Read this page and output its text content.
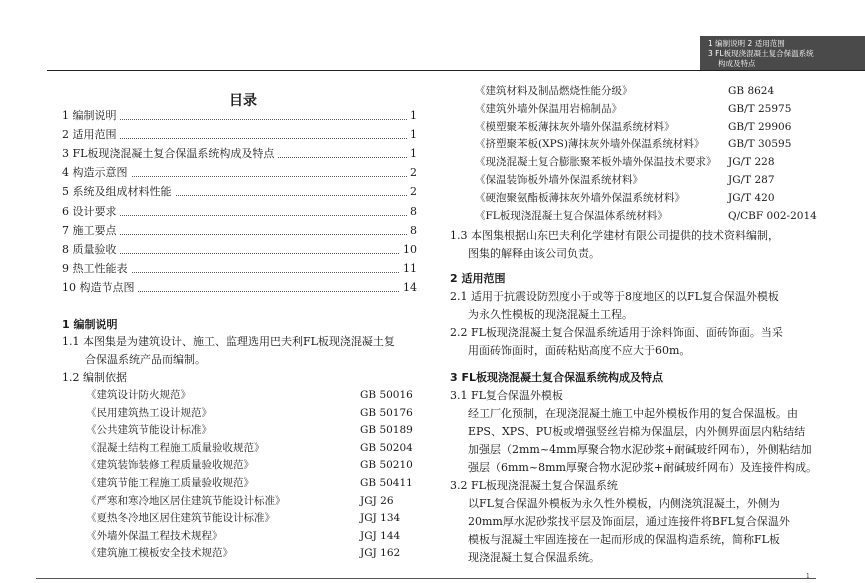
1 编制说明 2 适用范围
3 FL板现浇混凝土复合保温系统
构成及特点
目录
1 编制说明	1
2 适用范围	1
3 FL板现浇混凝土复合保温系统构成及特点	1
4 构造示意图	2
5 系统及组成材料性能	2
6 设计要求	8
7 施工要点	8
8 质量验收	10
9 热工性能表	11
10 构造节点图	14
1 编制说明
1.1 本图集是为建筑设计、施工、监理选用巴夫利FL板现浇混凝土复
合保温系统产品而编制。
1.2 编制依据
《建筑设计防火规范》	GB 50016
《民用建筑热工设计规范》	GB 50176
《公共建筑节能设计标准》	GB 50189
《混凝土结构工程施工质量验收规范》	GB 50204
《建筑装饰装修工程质量验收规范》	GB 50210
《建筑节能工程施工质量验收规范》	GB 50411
《严寒和寒冷地区居住建筑节能设计标准》	JGJ 26
《夏热冬冷地区居住建筑节能设计标准》	JGJ 134
《外墙外保温工程技术规程》	JGJ 144
《建筑施工模板安全技术规范》	JGJ 162
《建筑材料及制品燃烧性能分级》	GB 8624
《建筑外墙外保温用岩棉制品》	GB/T 25975
《模塑聚苯板薄抹灰外墙外保温系统材料》	GB/T 29906
《挤塑聚苯板(XPS)薄抹灰外墙外保温系统材料》 GB/T 30595
《现浇混凝土复合膨胀聚苯板外墙外保温技术要求》 JG/T 228
《保温装饰板外墙外保温系统材料》	JG/T 287
《硬泡聚氨酯板薄抹灰外墙外保温系统材料》	JG/T 420
《FL板现浇混凝土复合保温体系统材料》	Q/CBF 002-2014
1.3 本图集根据山东巴夫利化学建材有限公司提供的技术资料编制，
图集的解释由该公司负责。
2 适用范围
2.1 适用于抗震设防烈度小于或等于8度地区的以FL复合保温外模板
为永久性模板的现浇混凝土工程。
2.2 FL板现浇混凝土复合保温系统适用于涂料饰面、面砖饰面。当采
用面砖饰面时，面砖粘贴高度不应大于60m。
3 FL板现浇混凝土复合保温系统构成及特点
3.1 FL复合保温外模板
经工厂化预制，在现浇混凝土施工中起外模板作用的复合保温板。由
EPS、XPS、PU板或增强竖丝岩棉为保温层，内外侧界面层内粘结结
加强层（2mm~4mm厚聚合物水泥砂浆+耐碱玻纤网布），外侧粘结加
强层（6mm~8mm厚聚合物水泥砂浆+耐碱玻纤网布）及连接件构成。
3.2 FL板现浇混凝土复合保温系统
以FL复合保温外模板为永久性外模板，内侧浇筑混凝土，外侧为
20mm厚水泥砂浆找平层及饰面层，通过连接件将BFL复合保温外
模板与混凝土牢固连接在一起而形成的保温构造系统，简称FL板
现浇混凝土复合保温系统。
1
